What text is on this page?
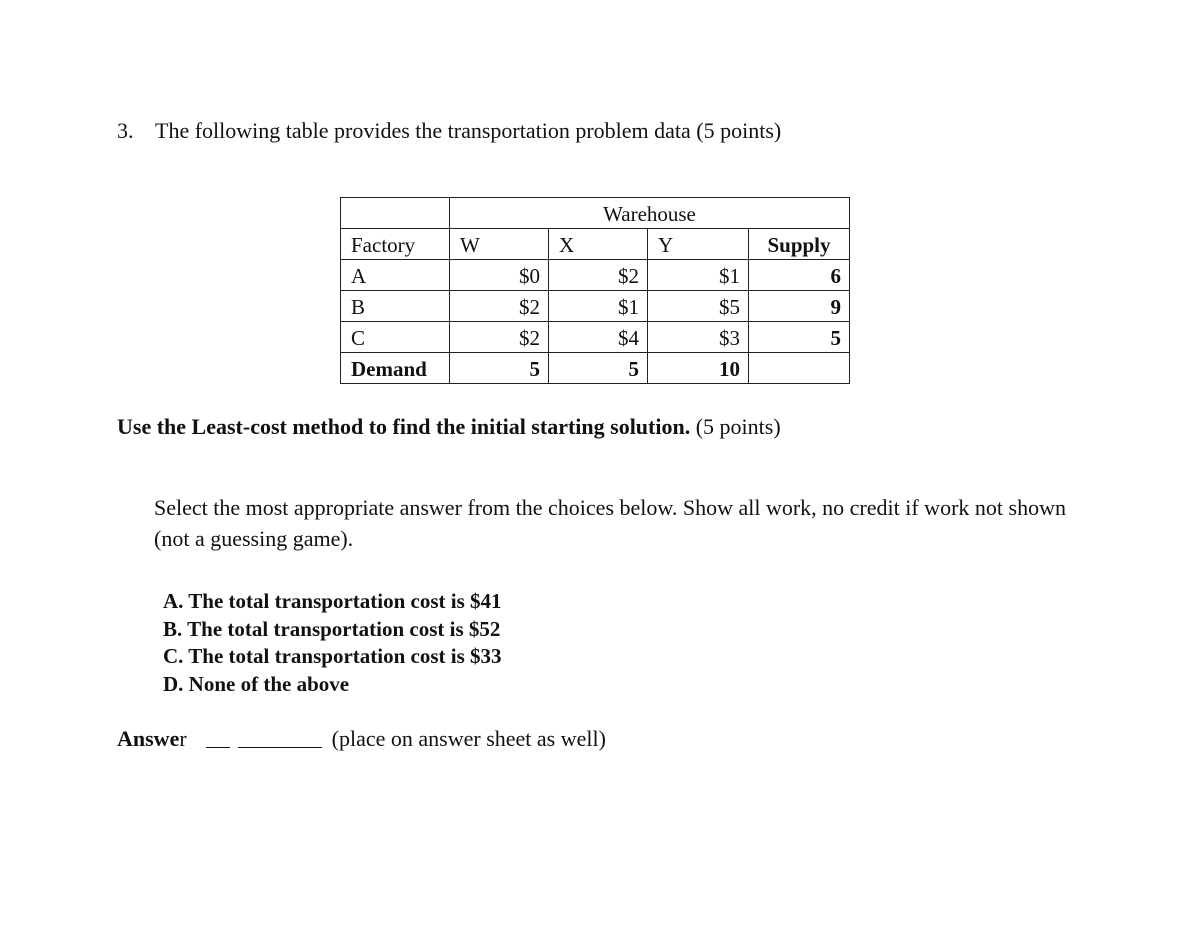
3. The following table provides the transportation problem data (5 points)
	Warehouse			
Factory	W	X	Y	Supply
A	$0	$2	$1	6
B	$2	$1	$5	9
C	$2	$4	$3	5
Demand	5	5	10	
Use the Least-cost method to find the initial starting solution. (5 points)
Select the most appropriate answer from the choices below. Show all work, no credit if work not shown (not a guessing game).
A. The total transportation cost is $41
B. The total transportation cost is $52
C. The total transportation cost is $33
D. None of the above
Answer	(place on answer sheet as well)
